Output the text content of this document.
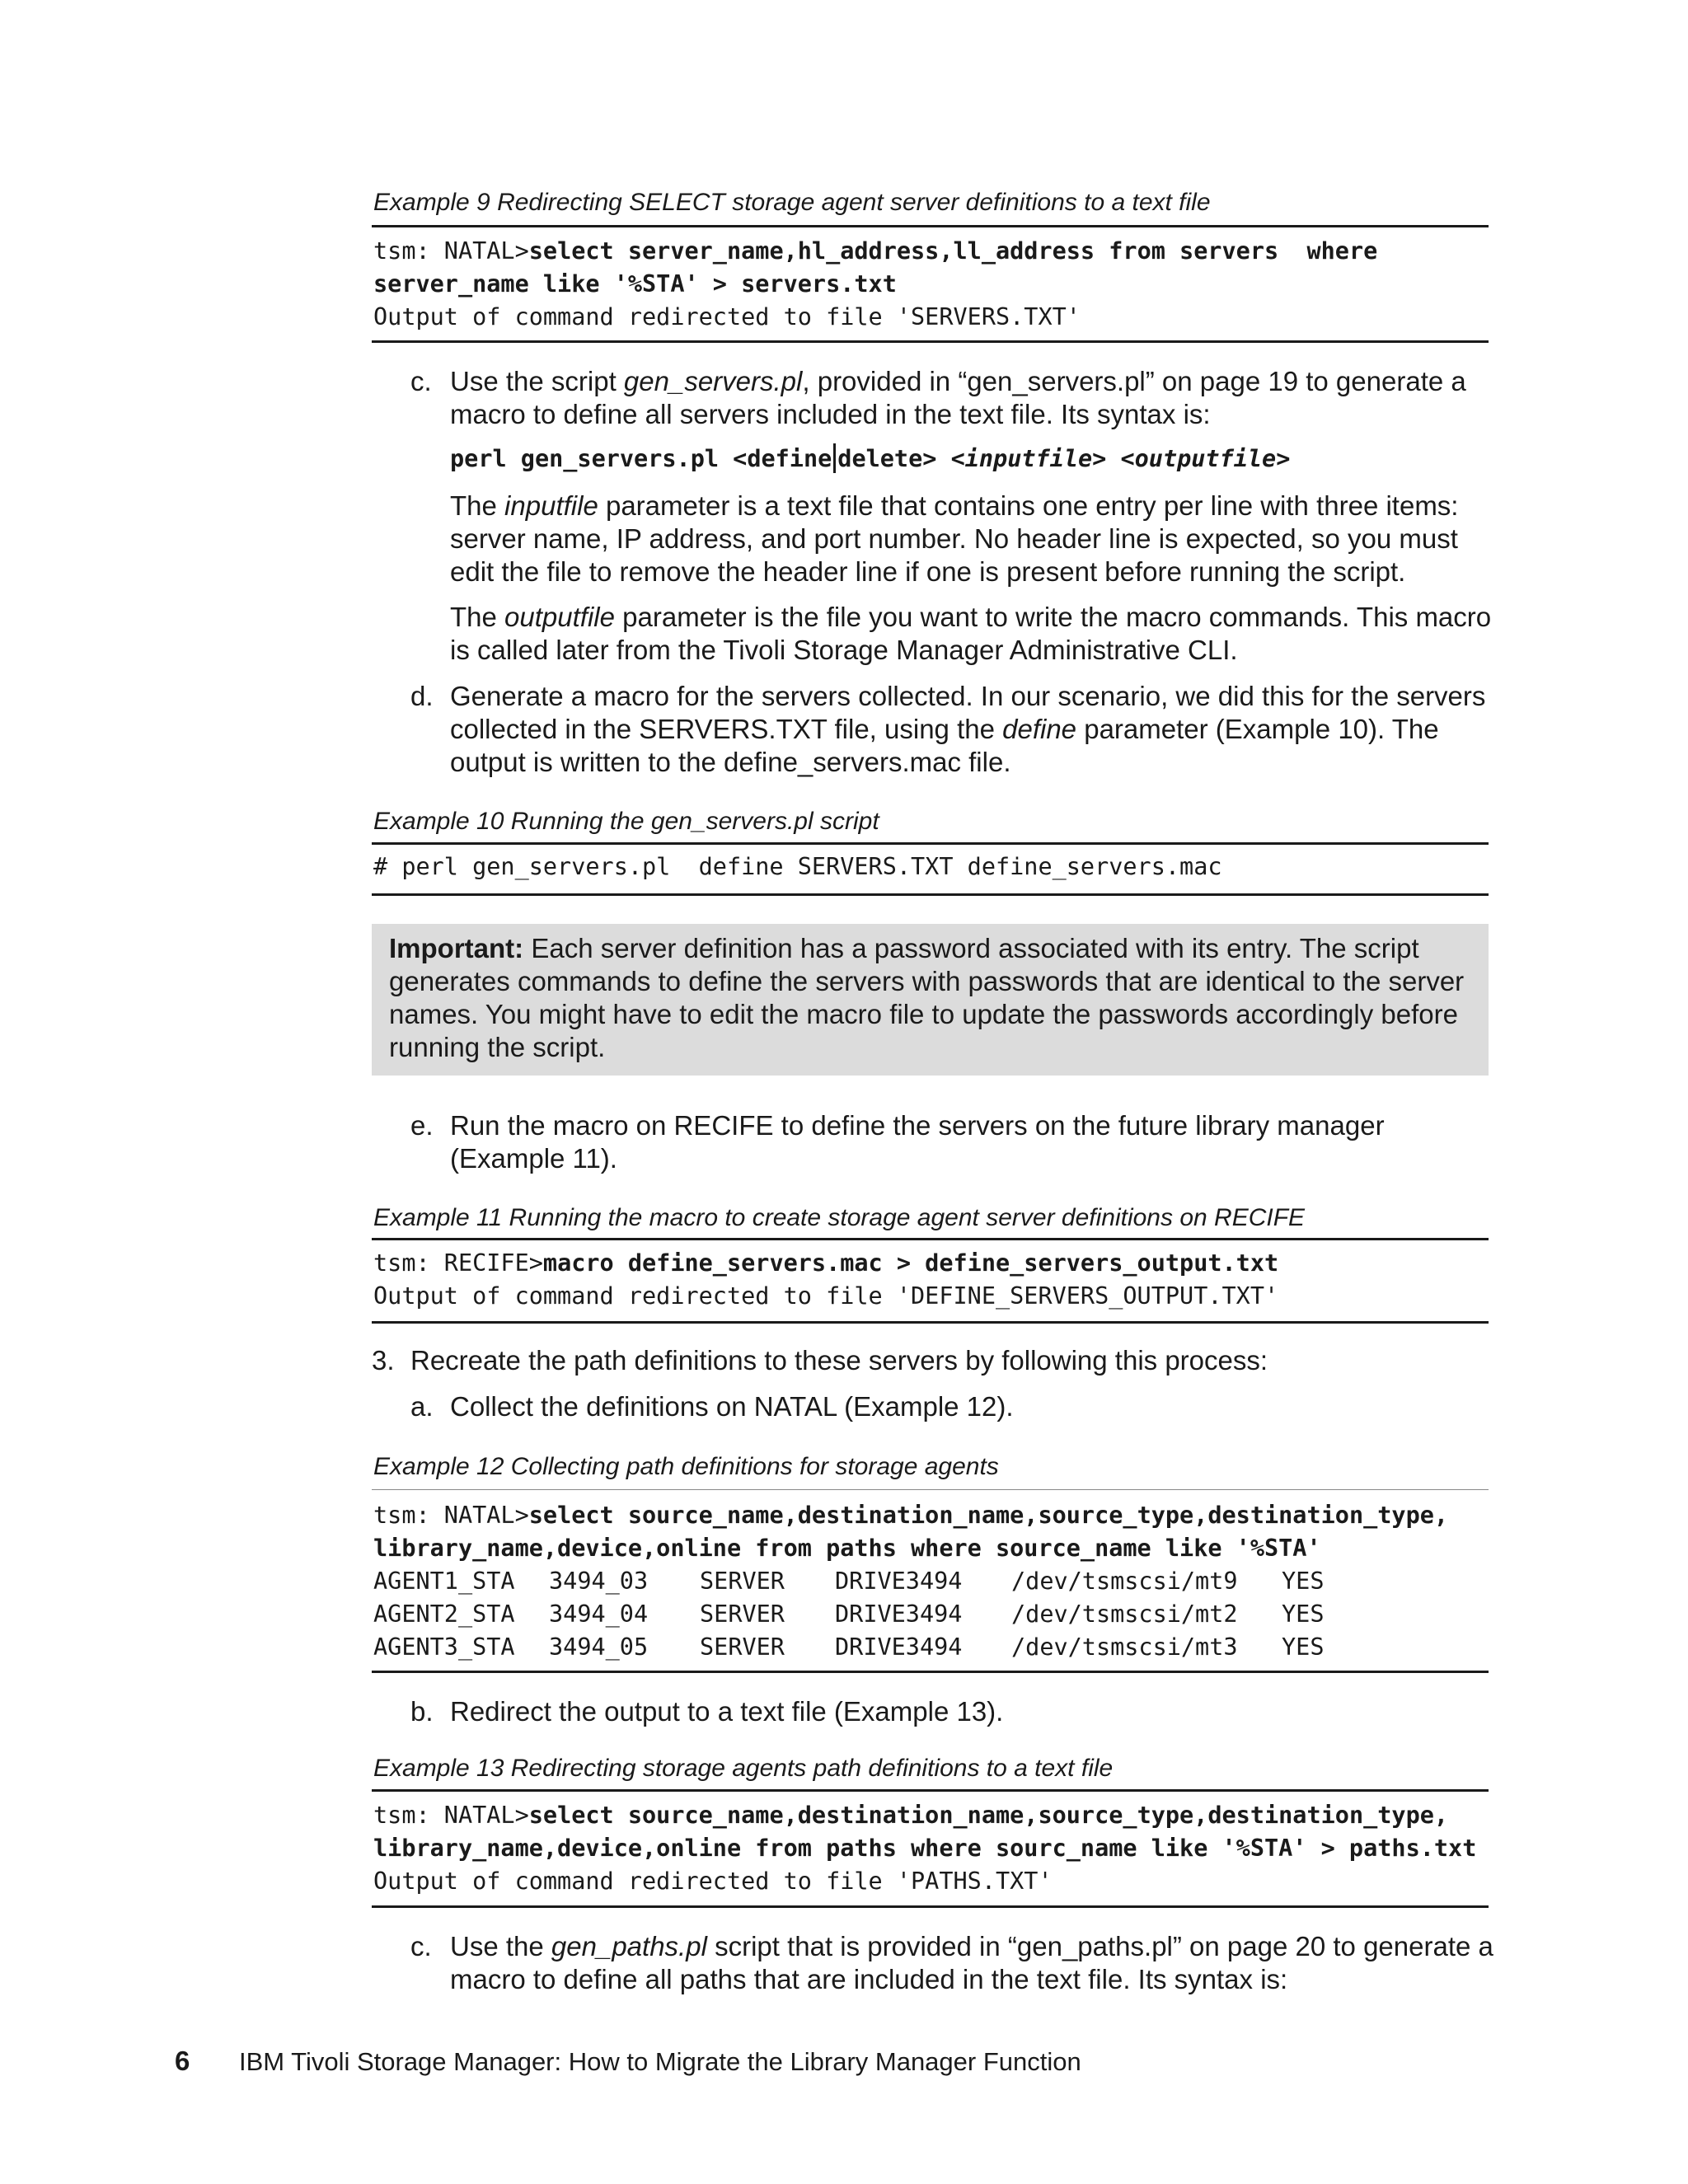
Example 9 Redirecting SELECT storage agent server definitions to a text file
tsm: NATAL>select server_name,hl_address,ll_address from servers  where
server_name like '%STA' > servers.txt
Output of command redirected to file 'SERVERS.TXT'
c. Use the script gen_servers.pl, provided in “gen_servers.pl” on page 19 to generate a macro to define all servers included in the text file. Its syntax is:
perl gen_servers.pl <define delete> <inputfile> <outputfile>
The inputfile parameter is a text file that contains one entry per line with three items: server name, IP address, and port number. No header line is expected, so you must edit the file to remove the header line if one is present before running the script.
The outputfile parameter is the file you want to write the macro commands. This macro is called later from the Tivoli Storage Manager Administrative CLI.
d. Generate a macro for the servers collected. In our scenario, we did this for the servers collected in the SERVERS.TXT file, using the define parameter (Example 10). The output is written to the define_servers.mac file.
Example 10 Running the gen_servers.pl script
# perl gen_servers.pl  define SERVERS.TXT define_servers.mac
Important: Each server definition has a password associated with its entry. The script generates commands to define the servers with passwords that are identical to the server names. You might have to edit the macro file to update the passwords accordingly before running the script.
e. Run the macro on RECIFE to define the servers on the future library manager (Example 11).
Example 11 Running the macro to create storage agent server definitions on RECIFE
tsm: RECIFE>macro define_servers.mac > define_servers_output.txt
Output of command redirected to file 'DEFINE_SERVERS_OUTPUT.TXT'
3. Recreate the path definitions to these servers by following this process:
a. Collect the definitions on NATAL (Example 12).
Example 12 Collecting path definitions for storage agents
tsm: NATAL>select source_name,destination_name,source_type,destination_type,
library_name,device,online from paths where source_name like '%STA'

AGENT1_STA

3494_03

SERVER

DRIVE3494

/dev/tsmscsi/mt9

YES

AGENT2_STA

3494_04

SERVER

DRIVE3494

/dev/tsmscsi/mt2

YES

AGENT3_STA

3494_05

SERVER

DRIVE3494

/dev/tsmscsi/mt3

YES

b. Redirect the output to a text file (Example 13).
Example 13 Redirecting storage agents path definitions to a text file
tsm: NATAL>select source_name,destination_name,source_type,destination_type,
library_name,device,online from paths where sourc_name like '%STA' > paths.txt
Output of command redirected to file 'PATHS.TXT'
c. Use the gen_paths.pl script that is provided in “gen_paths.pl” on page 20 to generate a macro to define all paths that are included in the text file. Its syntax is:
6 IBM Tivoli Storage Manager: How to Migrate the Library Manager Function
